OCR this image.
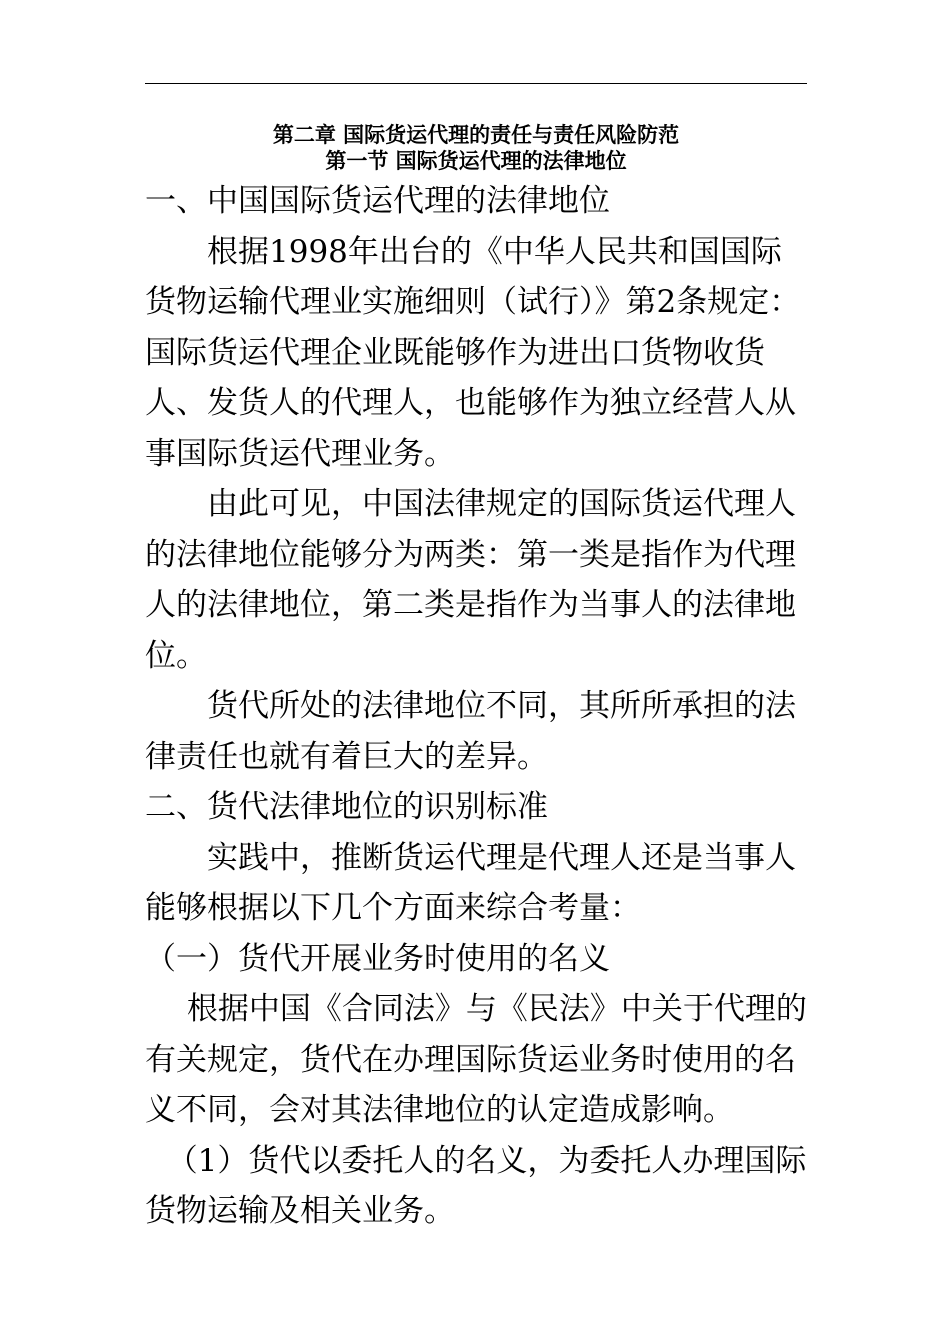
第二章 国际货运代理的责任与责任风险防范
第一节 国际货运代理的法律地位

一、中国国际货运代理的法律地位

根据1998年出台的《中华人民共和国国际货物运输代理业实施细则（试行）》第2条规定：国际货运代理企业既能够作为进出口货物收货人、发货人的代理人，也能够作为独立经营人从事国际货运代理业务。

由此可见，中国法律规定的国际货运代理人的法律地位能够分为两类：第一类是指作为代理人的法律地位，第二类是指作为当事人的法律地位。

货代所处的法律地位不同，其所所承担的法律责任也就有着巨大的差异。

二、货代法律地位的识别标准

实践中，推断货运代理是代理人还是当事人能够根据以下几个方面来综合考量：

（一）货代开展业务时使用的名义

根据中国《合同法》与《民法》中关于代理的有关规定，货代在办理国际货运业务时使用的名义不同，会对其法律地位的认定造成影响。

（1）货代以委托人的名义，为委托人办理国际货物运输及相关业务。
